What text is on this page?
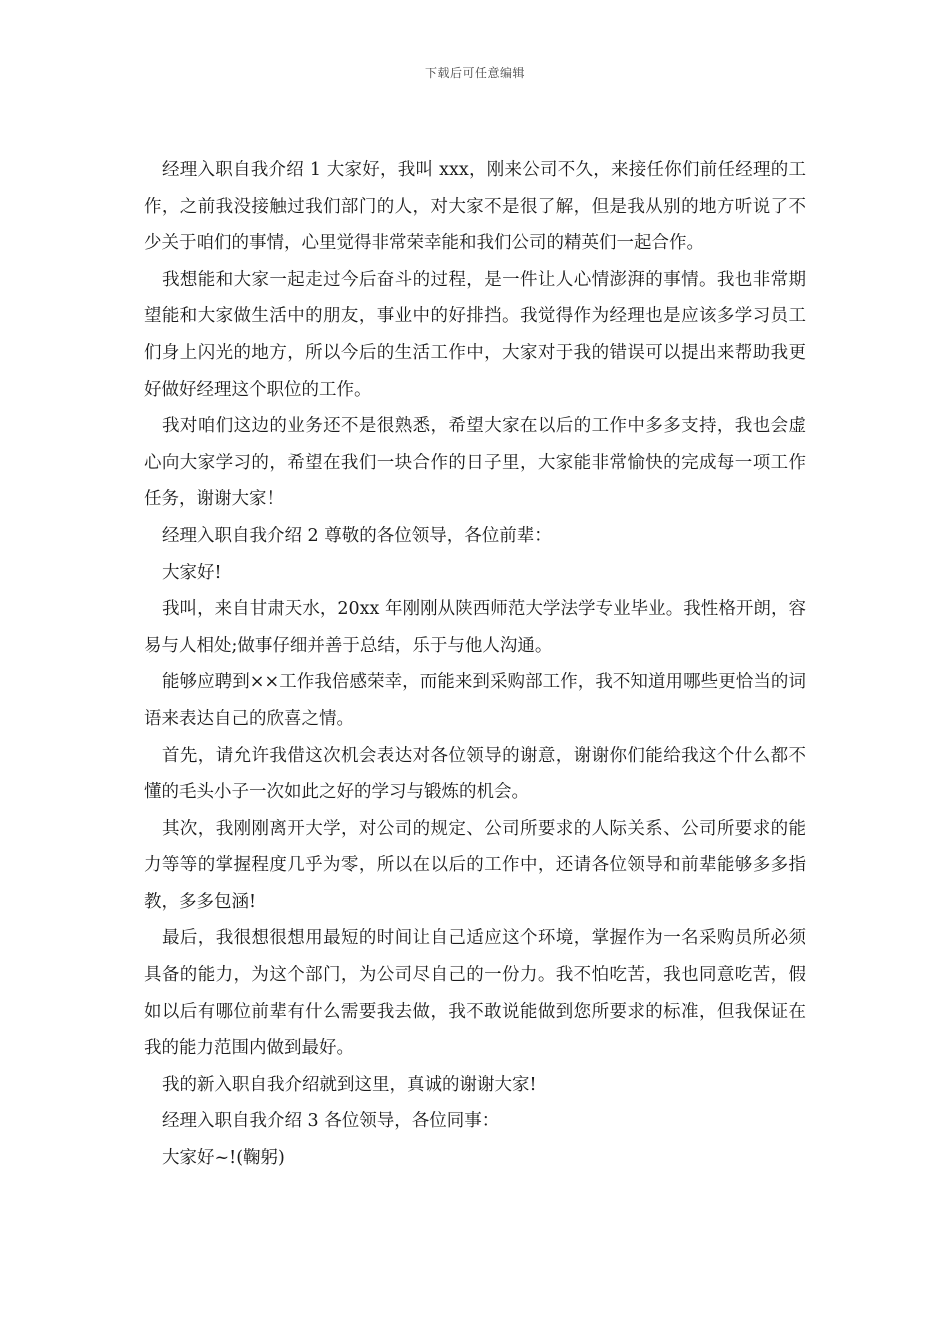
下载后可任意编辑

经理入职自我介绍 1 大家好，我叫 xxx，刚来公司不久，来接任你们前任经理的工作，之前我没接触过我们部门的人，对大家不是很了解，但是我从别的地方听说了不少关于咱们的事情，心里觉得非常荣幸能和我们公司的精英们一起合作。

我想能和大家一起走过今后奋斗的过程，是一件让人心情澎湃的事情。我也非常期望能和大家做生活中的朋友，事业中的好排挡。我觉得作为经理也是应该多学习员工们身上闪光的地方，所以今后的生活工作中，大家对于我的错误可以提出来帮助我更好做好经理这个职位的工作。

我对咱们这边的业务还不是很熟悉，希望大家在以后的工作中多多支持，我也会虚心向大家学习的，希望在我们一块合作的日子里，大家能非常愉快的完成每一项工作任务，谢谢大家！

经理入职自我介绍 2 尊敬的各位领导，各位前辈：

大家好!

我叫，来自甘肃天水，20xx 年刚刚从陕西师范大学法学专业毕业。我性格开朗，容易与人相处;做事仔细并善于总结，乐于与他人沟通。

能够应聘到××工作我倍感荣幸，而能来到采购部工作，我不知道用哪些更恰当的词语来表达自己的欣喜之情。

首先，请允许我借这次机会表达对各位领导的谢意，谢谢你们能给我这个什么都不懂的毛头小子一次如此之好的学习与锻炼的机会。

其次，我刚刚离开大学，对公司的规定、公司所要求的人际关系、公司所要求的能力等等的掌握程度几乎为零，所以在以后的工作中，还请各位领导和前辈能够多多指教，多多包涵!

最后，我很想很想用最短的时间让自己适应这个环境，掌握作为一名采购员所必须具备的能力，为这个部门，为公司尽自己的一份力。我不怕吃苦，我也同意吃苦，假如以后有哪位前辈有什么需要我去做，我不敢说能做到您所要求的标准，但我保证在我的能力范围内做到最好。

我的新入职自我介绍就到这里，真诚的谢谢大家!

经理入职自我介绍 3 各位领导，各位同事：

大家好~!(鞠躬)
